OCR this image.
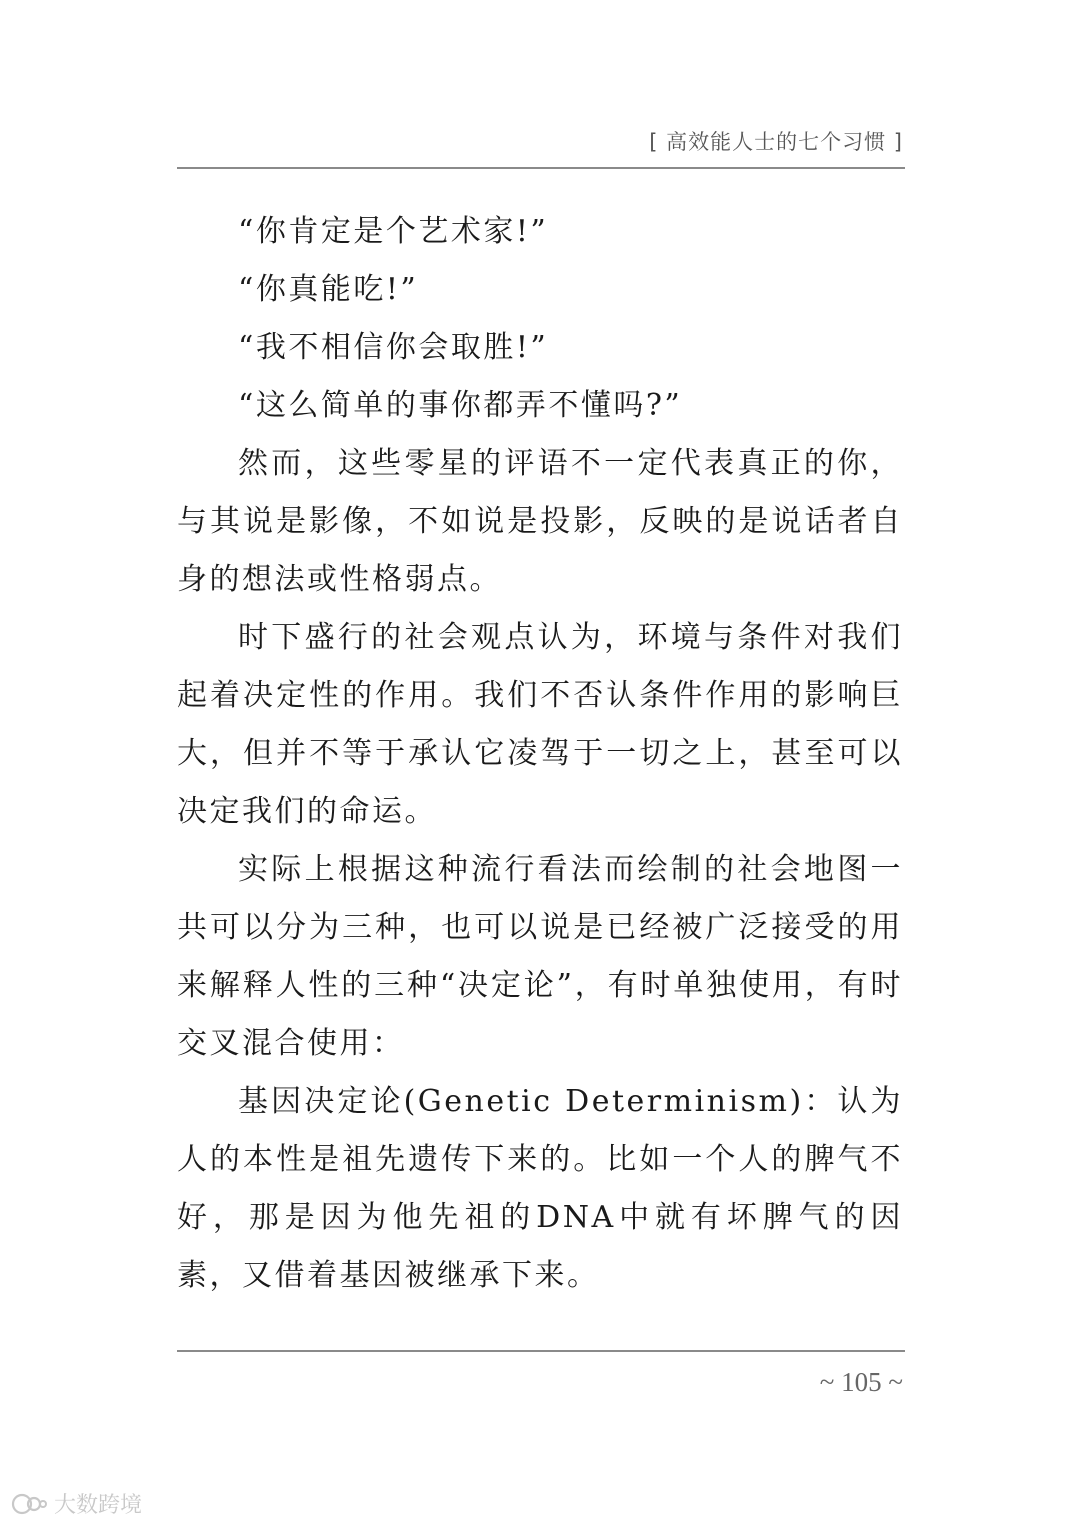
[ 高效能人士的七个习惯 ]

“你肯定是个艺术家!”

“你真能吃!”

“我不相信你会取胜!”

“这么简单的事你都弄不懂吗?”

然而，这些零星的评语不一定代表真正的你，与其说是影像，不如说是投影，反映的是说话者自身的想法或性格弱点。

时下盛行的社会观点认为，环境与条件对我们起着决定性的作用。我们不否认条件作用的影响巨大，但并不等于承认它凌驾于一切之上，甚至可以决定我们的命运。

实际上根据这种流行看法而绘制的社会地图一共可以分为三种，也可以说是已经被广泛接受的用来解释人性的三种“决定论”，有时单独使用，有时交叉混合使用：

基因决定论(Genetic Determinism)：认为人的本性是祖先遗传下来的。比如一个人的脾气不好，那是因为他先祖的DNA中就有坏脾气的因素，又借着基因被继承下来。

~ 105 ~
大数跨境
